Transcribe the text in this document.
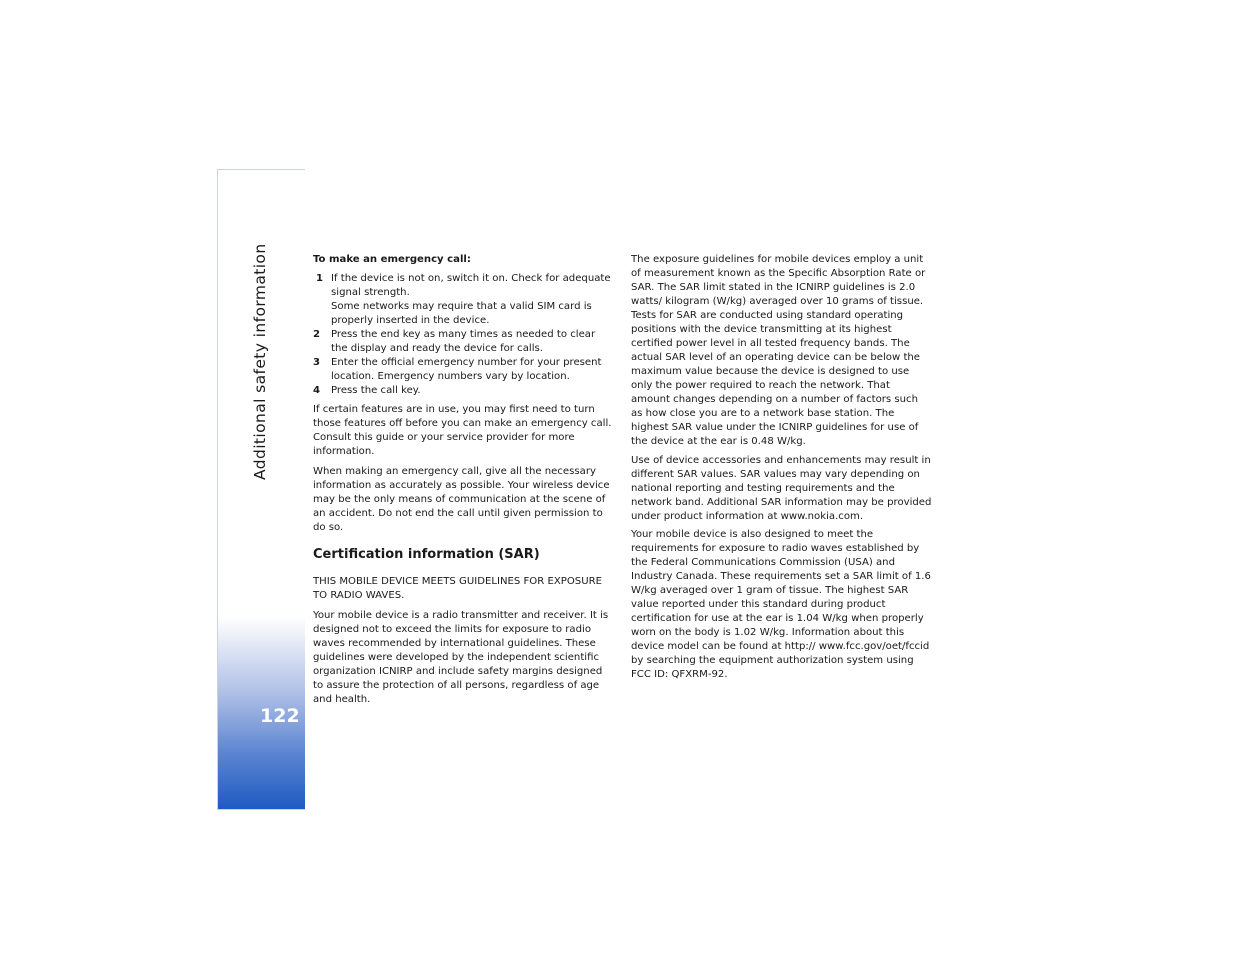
Additional safety information
122

To make an emergency call:

1 If the device is not on, switch it on. Check for adequate signal strength.
Some networks may require that a valid SIM card is properly inserted in the device.
2	Press the end key as many times as needed to clear the display and ready the device for calls.
3	Enter the official emergency number for your present location. Emergency numbers vary by location.
4	Press the call key.

If certain features are in use, you may first need to turn those features off before you can make an emergency call. Consult this guide or your service provider for more information.

When making an emergency call, give all the necessary information as accurately as possible. Your wireless device may be the only means of communication at the scene of an accident. Do not end the call until given permission to do so.

Certification information (SAR)

THIS MOBILE DEVICE MEETS GUIDELINES FOR EXPOSURE TO RADIO WAVES.

Your mobile device is a radio transmitter and receiver. It is designed not to exceed the limits for exposure to radio waves recommended by international guidelines. These guidelines were developed by the independent scientific organization ICNIRP and include safety margins designed to assure the protection of all persons, regardless of age and health.

The exposure guidelines for mobile devices employ a unit of measurement known as the Specific Absorption Rate or SAR. The SAR limit stated in the ICNIRP guidelines is 2.0 watts/ kilogram (W/kg) averaged over 10 grams of tissue. Tests for SAR are conducted using standard operating positions with the device transmitting at its highest certified power level in all tested frequency bands. The actual SAR level of an operating device can be below the maximum value because the device is designed to use only the power required to reach the network. That amount changes depending on a number of factors such as how close you are to a network base station. The highest SAR value under the ICNIRP guidelines for use of the device at the ear is 0.48 W/kg.

Use of device accessories and enhancements may result in different SAR values. SAR values may vary depending on national reporting and testing requirements and the network band. Additional SAR information may be provided under product information at www.nokia.com.

Your mobile device is also designed to meet the requirements for exposure to radio waves established by the Federal Communications Commission (USA) and Industry Canada. These requirements set a SAR limit of 1.6 W/kg averaged over 1 gram of tissue. The highest SAR value reported under this standard during product certification for use at the ear is 1.04 W/kg when properly worn on the body is 1.02 W/kg. Information about this device model can be found at http:// www.fcc.gov/oet/fccid by searching the equipment authorization system using FCC ID: QFXRM-92.
